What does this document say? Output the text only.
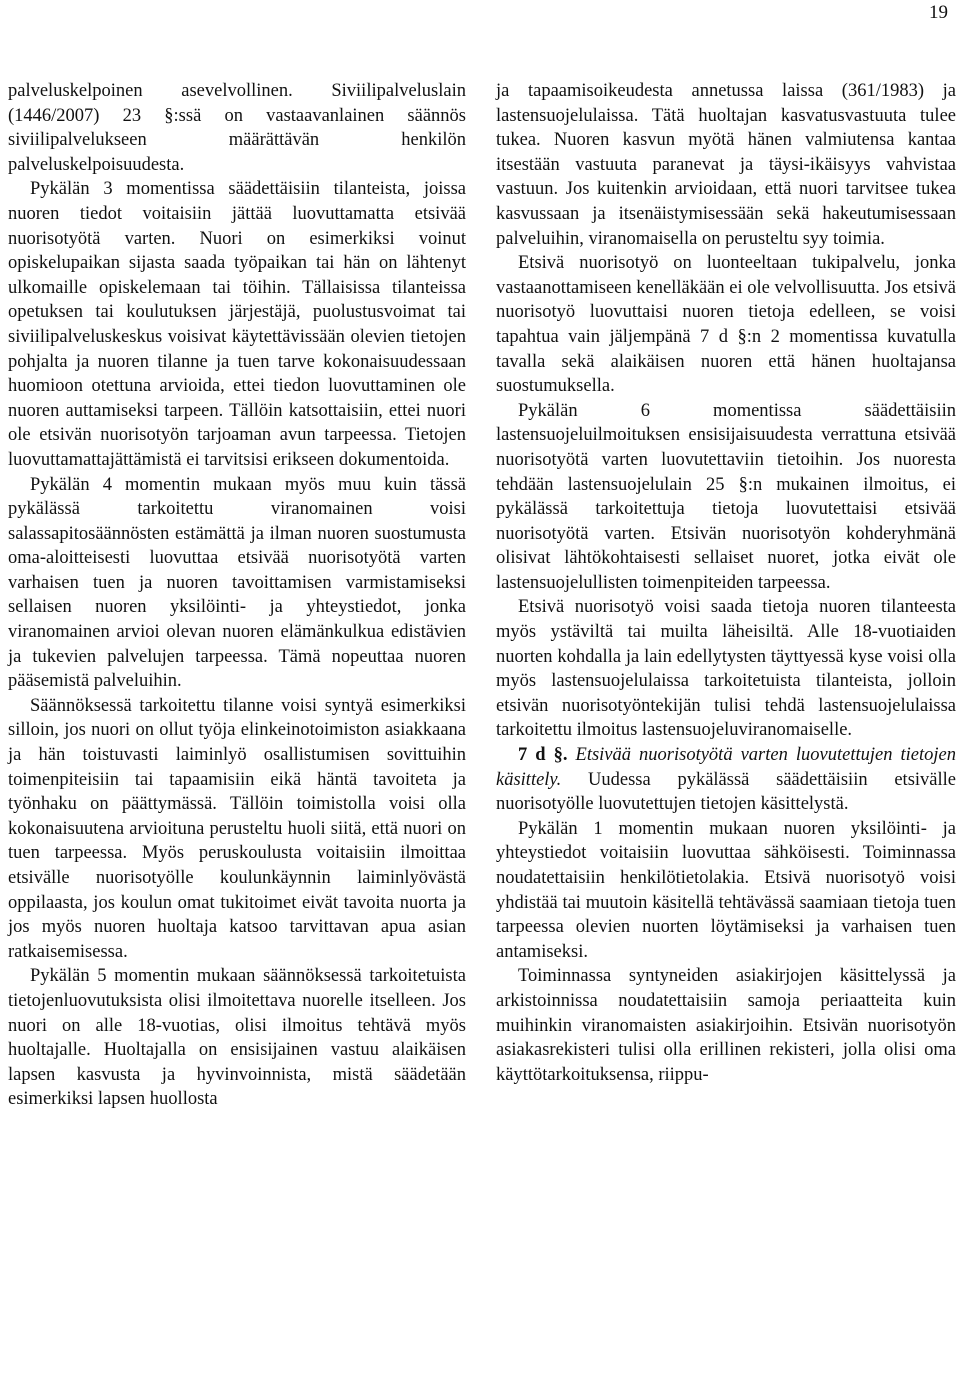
19

palveluskelpoinen asevelvollinen. Siviilipalveluslain (1446/2007) 23 §:ssä on vastaavanlainen säännös siviilipalvelukseen määrättävän henkilön palveluskelpoisuudesta.

Pykälän 3 momentissa säädettäisiin tilanteista, joissa nuoren tiedot voitaisiin jättää luovuttamatta etsivää nuorisotyötä varten. Nuori on esimerkiksi voinut opiskelupaikan sijasta saada työpaikan tai hän on lähtenyt ulkomaille opiskelemaan tai töihin. Tällaisissa tilanteissa opetuksen tai koulutuksen järjestäjä, puolustusvoimat tai siviilipalveluskeskus voisivat käytettävissään olevien tietojen pohjalta ja nuoren tilanne ja tuen tarve kokonaisuudessaan huomioon otettuna arvioida, ettei tiedon luovuttaminen ole nuoren auttamiseksi tarpeen. Tällöin katsottaisiin, ettei nuori ole etsivän nuorisotyön tarjoaman avun tarpeessa. Tietojen luovuttamattajättämistä ei tarvitsisi erikseen dokumentoida.

Pykälän 4 momentin mukaan myös muu kuin tässä pykälässä tarkoitettu viranomainen voisi salassapitosäännösten estämättä ja ilman nuoren suostumusta oma-aloitteisesti luovuttaa etsivää nuorisotyötä varten varhaisen tuen ja nuoren tavoittamisen varmistamiseksi sellaisen nuoren yksilöinti- ja yhteystiedot, jonka viranomainen arvioi olevan nuoren elämänkulkua edistävien ja tukevien palvelujen tarpeessa. Tämä nopeuttaa nuoren pääsemistä palveluihin.

Säännöksessä tarkoitettu tilanne voisi syntyä esimerkiksi silloin, jos nuori on ollut työja elinkeinotoimiston asiakkaana ja hän toistuvasti laiminlyö osallistumisen sovittuihin toimenpiteisiin tai tapaamisiin eikä häntä tavoiteta ja työnhaku on päättymässä. Tällöin toimistolla voisi olla kokonaisuutena arvioituna perusteltu huoli siitä, että nuori on tuen tarpeessa. Myös peruskoulusta voitaisiin ilmoittaa etsivälle nuorisotyölle koulunkäynnin laiminlyövästä oppilaasta, jos koulun omat tukitoimet eivät tavoita nuorta ja jos myös nuoren huoltaja katsoo tarvittavan apua asian ratkaisemisessa.

Pykälän 5 momentin mukaan säännöksessä tarkoitetuista tietojenluovutuksista olisi ilmoitettava nuorelle itselleen. Jos nuori on alle 18-vuotias, olisi ilmoitus tehtävä myös huoltajalle. Huoltajalla on ensisijainen vastuu alaikäisen lapsen kasvusta ja hyvinvoinnista, mistä säädetään esimerkiksi lapsen huollosta

ja tapaamisoikeudesta annetussa laissa (361/1983) ja lastensuojelulaissa. Tätä huoltajan kasvatusvastuuta tulee tukea. Nuoren kasvun myötä hänen valmiutensa kantaa itsestään vastuuta paranevat ja täysi-ikäisyys vahvistaa vastuun. Jos kuitenkin arvioidaan, että nuori tarvitsee tukea kasvussaan ja itsenäistymisessään sekä hakeutumisessaan palveluihin, viranomaisella on perusteltu syy toimia.

Etsivä nuorisotyö on luonteeltaan tukipalvelu, jonka vastaanottamiseen kenelläkään ei ole velvollisuutta. Jos etsivä nuorisotyö luovuttaisi nuoren tietoja edelleen, se voisi tapahtua vain jäljempänä 7 d §:n 2 momentissa kuvatulla tavalla sekä alaikäisen nuoren että hänen huoltajansa suostumuksella.

Pykälän 6 momentissa säädettäisiin lastensuojeluilmoituksen ensisijaisuudesta verrattuna etsivää nuorisotyötä varten luovutettaviin tietoihin. Jos nuoresta tehdään lastensuojelulain 25 §:n mukainen ilmoitus, ei pykälässä tarkoitettuja tietoja luovutettaisi etsivää nuorisotyötä varten. Etsivän nuorisotyön kohderyhmänä olisivat lähtökohtaisesti sellaiset nuoret, jotka eivät ole lastensuojelullisten toimenpiteiden tarpeessa.

Etsivä nuorisotyö voisi saada tietoja nuoren tilanteesta myös ystäviltä tai muilta läheisiltä. Alle 18-vuotiaiden nuorten kohdalla ja lain edellytysten täyttyessä kyse voisi olla myös lastensuojelulaissa tarkoitetuista tilanteista, jolloin etsivän nuorisotyöntekijän tulisi tehdä lastensuojelulaissa tarkoitettu ilmoitus lastensuojeluviranomaiselle.

7 d §. Etsivää nuorisotyötä varten luovutettujen tietojen käsittely. Uudessa pykälässä säädettäisiin etsivälle nuorisotyölle luovutettujen tietojen käsittelystä.

Pykälän 1 momentin mukaan nuoren yksilöinti- ja yhteystiedot voitaisiin luovuttaa sähköisesti. Toiminnassa noudatettaisiin henkilötietolakia. Etsivä nuorisotyö voisi yhdistää tai muutoin käsitellä tehtävässä saamiaan tietoja tuen tarpeessa olevien nuorten löytämiseksi ja varhaisen tuen antamiseksi.

Toiminnassa syntyneiden asiakirjojen käsittelyssä ja arkistoinnissa noudatettaisiin samoja periaatteita kuin muihinkin viranomaisten asiakirjoihin. Etsivän nuorisotyön asiakasrekisteri tulisi olla erillinen rekisteri, jolla olisi oma käyttötarkoituksensa, riippu-
